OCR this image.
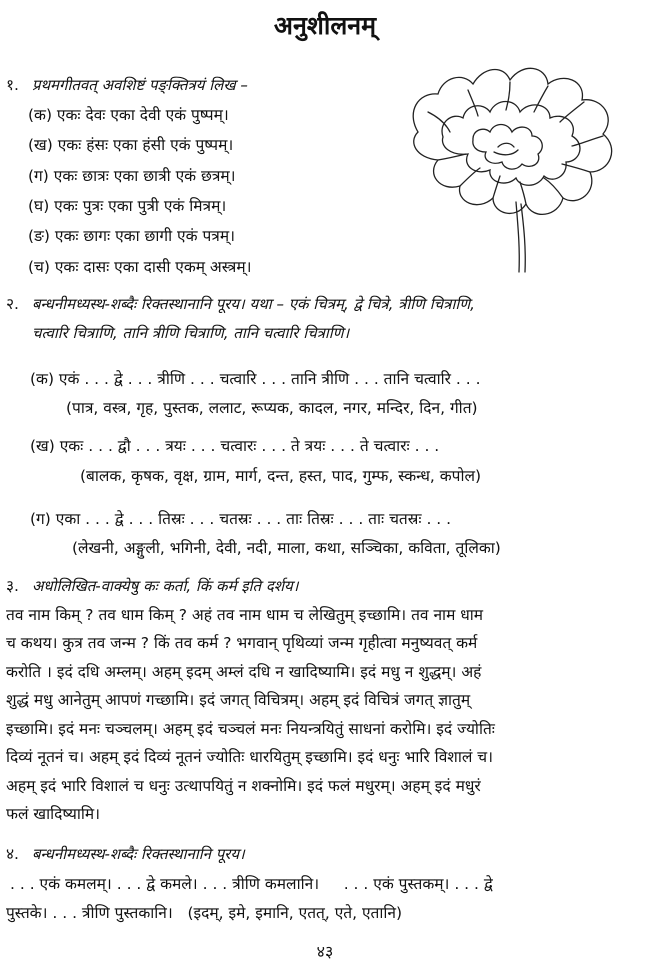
अनुशीलनम्
१. प्रथमगीतवत् अवशिष्टं पङ्क्तित्रयं लिख –
(क) एकः देवः एका देवी एकं पुष्पम्।
(ख) एकः हंसः एका हंसी एकं पुष्पम्।
(ग) एकः छात्रः एका छात्री एकं छत्रम्।
(घ) एकः पुत्रः एका पुत्री एकं मित्रम्।
(ङ) एकः छागः एका छागी एकं पत्रम्।
(च) एकः दासः एका दासी एकम् अस्त्रम्।
२. बन्धनीमध्यस्थ-शब्दैः रिक्तस्थानानि पूरय। यथा – एकं चित्रम्, द्वे चित्रे, त्रीणि चित्राणि,
चत्वारि चित्राणि, तानि त्रीणि चित्राणि, तानि चत्वारि चित्राणि।
(क) एकं . . . द्वे . . . त्रीणि . . . चत्वारि . . . तानि त्रीणि . . . तानि चत्वारि . . .
(पात्र, वस्त्र, गृह, पुस्तक, ललाट, रूप्यक, कादल, नगर, मन्दिर, दिन, गीत)
(ख) एकः . . . द्वौ . . . त्रयः . . . चत्वारः . . . ते त्रयः . . . ते चत्वारः . . .
(बालक, कृषक, वृक्ष, ग्राम, मार्ग, दन्त, हस्त, पाद, गुम्फ, स्कन्ध, कपोल)
(ग) एका . . . द्वे . . . तिस्रः . . . चतस्रः . . . ताः तिस्रः . . . ताः चतस्रः . . .
(लेखनी, अङ्गुली, भगिनी, देवी, नदी, माला, कथा, सञ्चिका, कविता, तूलिका)
३. अधोलिखित-वाक्येषु कः कर्ता, किं कर्म इति दर्शय।
तव नाम किम् ? तव धाम किम् ? अहं तव नाम धाम च लेखितुम् इच्छामि। तव नाम धाम
च कथय। कुत्र तव जन्म ? किं तव कर्म ? भगवान् पृथिव्यां जन्म गृहीत्वा मनुष्यवत् कर्म
करोति । इदं दधि अम्लम्। अहम् इदम् अम्लं दधि न खादिष्यामि। इदं मधु न शुद्धम्। अहं
शुद्धं मधु आनेतुम् आपणं गच्छामि। इदं जगत् विचित्रम्। अहम् इदं विचित्रं जगत् ज्ञातुम्
इच्छामि। इदं मनः चञ्चलम्। अहम् इदं चञ्चलं मनः नियन्त्रयितुं साधनां करोमि। इदं ज्योतिः
दिव्यं नूतनं च। अहम् इदं दिव्यं नूतनं ज्योतिः धारयितुम् इच्छामि। इदं धनुः भारि विशालं च।
अहम् इदं भारि विशालं च धनुः उत्थापयितुं न शक्नोमि। इदं फलं मधुरम्। अहम् इदं मधुरं
फलं खादिष्यामि।
४. बन्धनीमध्यस्थ-शब्दैः रिक्तस्थानानि पूरय।
. . . एकं कमलम्। . . . द्वे कमले। . . . त्रीणि कमलानि।     . . . एकं पुस्तकम्। . . . द्वे
पुस्तके। . . . त्रीणि पुस्तकानि।   (इदम्, इमे, इमानि, एतत्, एते, एतानि)
४३
